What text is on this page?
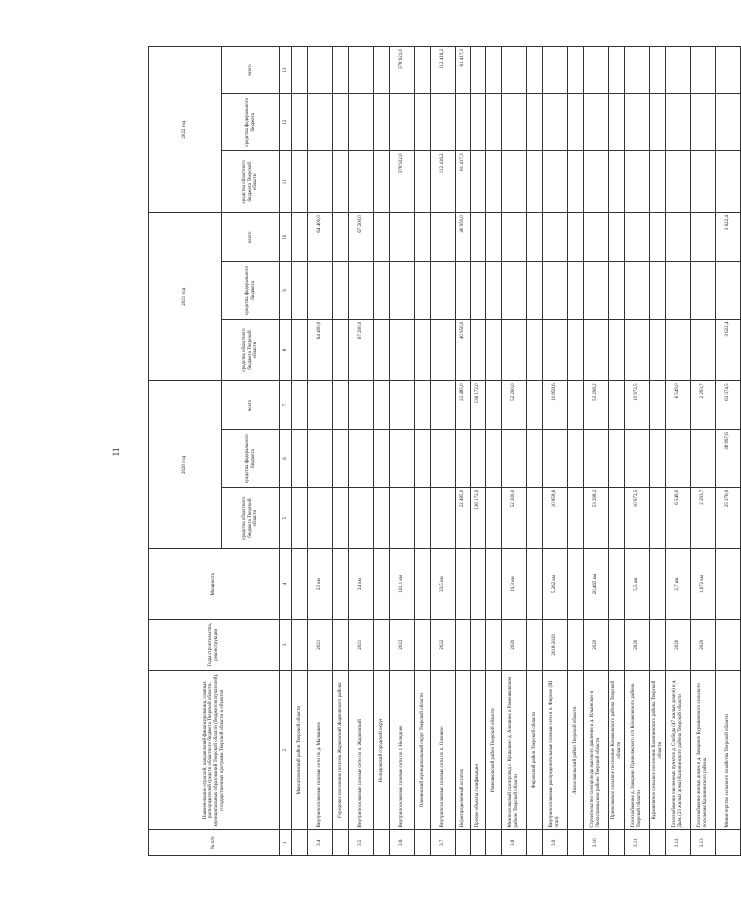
11
№ п/п	Наименование отраслей, направлений финансирования, главных распорядителей средств областного бюджета Тверской области, муниципальных образований Тверской области (бюджетополучателей), государственных программ Тверской области и объектов	Годы строительства, реконструкции	Мощность	2020 год			2021 год			2022 год		
				средства областного бюджета Тверской области	средства федерального бюджета	всего	средства областного бюджета Тверской области	средства федерального бюджета	всего	средства областного бюджета Тверской области	средства федерального бюджета	всего
1	2	3	4	5	6	7	8	9	10	11	12	13
	Максатихинский район Тверской области											
3.4	Внутрипоселковые газовые сети по д. Малышево	2021	23 км				64 400,0		64 400,0			
	Городское поселение поселок Жарковский Жарковского района											
3.5	Внутрипоселковые газовые сети по п. Жарковский	2021	24 км				67 200,0		67 200,0			
	Нелидовский городской округ											
3.6	Внутрипоселковые газовые сети по г. Нелидово	2022	141,1 км							378 922,0		378 922,0
	Оленинский муниципальный округ Тверской области											
3.7	Внутрипоселковые газовые сети по п. Оленино	2022	33,5 км							112 416,2		112 416,2
	Нераспределенный остаток			22 485,0		22 485,0	40 950,0		40 950,0	61 417,3		61 417,3
	Прочие объекты газификации			136 172,0		136 172,0						
	Рамешковский район Тверской области											
3.8	Межпоселковый газопровод с. Кушалино д. Алешино в Рамешковском районе Тверской области	2020	19,3 км	52 200,0		52 200,0						
	Фировский район Тверской области											
3.9	Внутрипоселковые распределительные газовые сети в п. Фирово (III этап)	2018-2020	5,262 км	10 858,6		10 858,6						
	Лихославльский район Тверской области											
3.10	Строительство газопровода высокого давления к д. Ильинское в Лихославльском районе Тверской области	2020	20,465 км	53 298,2		53 298,2						
	Приволжское сельское поселение Конаковского района Тверской области											
3.11	Газоснабжение д. Заварино Приволжского с/п Конаковского района Тверской области	2020	5,5 км	10 972,5		10 972,5						
	Бурашевское сельское поселение Калининского района Тверской области											
3.12	Газоснабжение численных пунктов д. Слобода (47 жилых домов) и д. Дьяк (23 жилых дома) Калининского района Тверской области	2020	2,7 км	6 549,0		6 549,0						
3.13	Газоснабжение жилых домов в д. Заварино Бурашевского сельского поселения Калининского района	2020	1,672 км	2 293,7		2 293,7						
	Министерство сельского хозяйства Тверской области			25 376,9	38 997,6	63 374,5	3 622,4		3 622,4			
